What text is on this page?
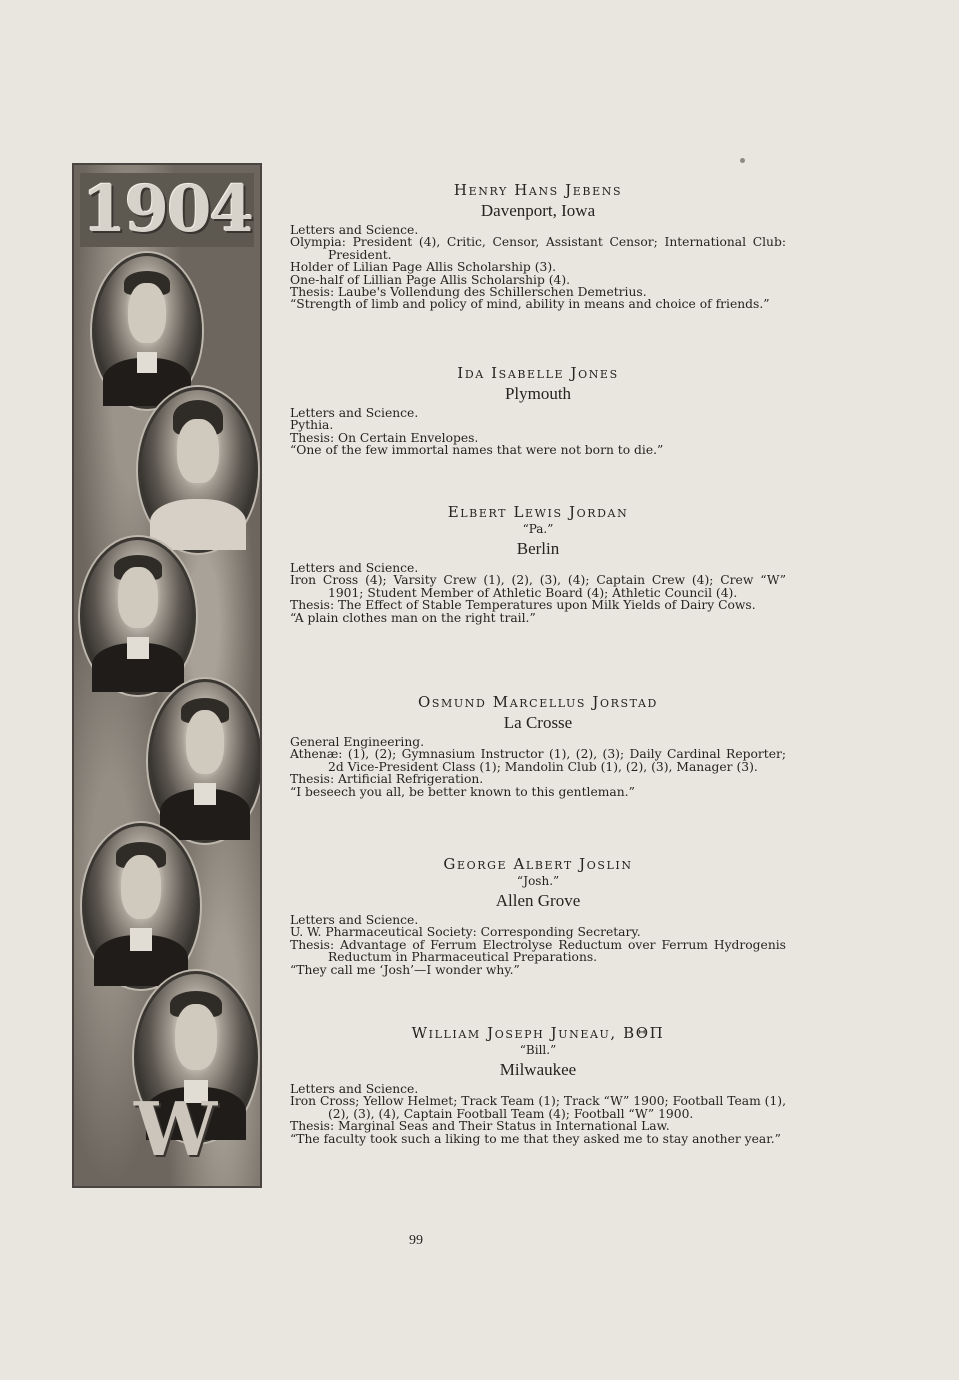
1904
W

Henry Hans Jebens

Davenport, Iowa

Letters and Science.

Olympia: President (4), Critic, Censor, Assistant Censor; International Club: President.

Holder of Lilian Page Allis Scholarship (3).

One-half of Lillian Page Allis Scholarship (4).

Thesis: Laube's Vollendung des Schillerschen Demetrius.

“Strength of limb and policy of mind, ability in means and choice of friends.”

Ida Isabelle Jones

Plymouth

Letters and Science.

Pythia.

Thesis: On Certain Envelopes.

“One of the few immortal names that were not born to die.”

Elbert Lewis Jordan

“Pa.”

Berlin

Letters and Science.

Iron Cross (4); Varsity Crew (1), (2), (3), (4); Captain Crew (4); Crew “W” 1901; Student Member of Athletic Board (4); Athletic Council (4).

Thesis: The Effect of Stable Temperatures upon Milk Yields of Dairy Cows.

“A plain clothes man on the right trail.”

Osmund Marcellus Jorstad

La Crosse

General Engineering.

Athenæ: (1), (2); Gymnasium Instructor (1), (2), (3); Daily Cardinal Reporter; 2d Vice-President Class (1); Mandolin Club (1), (2), (3), Manager (3).

Thesis: Artificial Refrigeration.

“I beseech you all, be better known to this gentleman.”

George Albert Joslin

“Josh.”

Allen Grove

Letters and Science.

U. W. Pharmaceutical Society: Corresponding Secretary.

Thesis: Advantage of Ferrum Electrolyse Reductum over Ferrum Hydrogenis Reductum in Pharmaceutical Preparations.

“They call me ‘Josh’—I wonder why.”

William Joseph Juneau, ΒΘΠ

“Bill.”

Milwaukee

Letters and Science.

Iron Cross; Yellow Helmet; Track Team (1); Track “W” 1900; Football Team (1), (2), (3), (4), Captain Football Team (4); Football “W” 1900.

Thesis: Marginal Seas and Their Status in International Law.

“The faculty took such a liking to me that they asked me to stay another year.”

99
